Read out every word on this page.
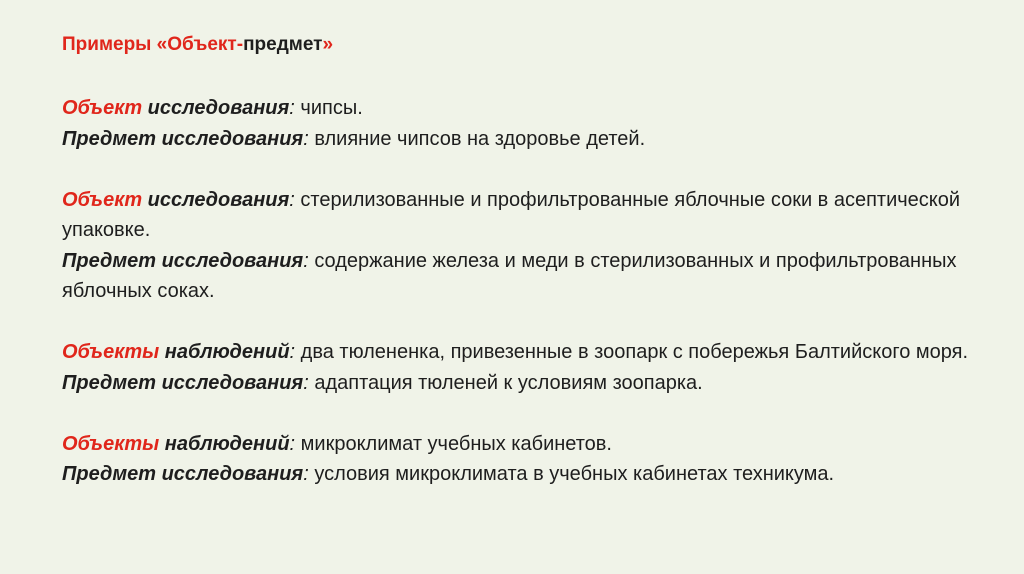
Примеры «Объект-предмет»

Объект исследования: чипсы.

Предмет исследования: влияние чипсов на здоровье детей.

Объект исследования: стерилизованные и профильтрованные яблочные соки в асептической упаковке.

Предмет исследования: содержание железа и меди в стерилизованных и профильтрованных яблочных соках.

Объекты наблюдений: два тюлененка, привезенные в зоопарк с побережья Балтийского моря.

Предмет исследования: адаптация тюленей к условиям зоопарка.

Объекты наблюдений: микроклимат учебных кабинетов.

Предмет исследования: условия микроклимата в учебных кабинетах техникума.
